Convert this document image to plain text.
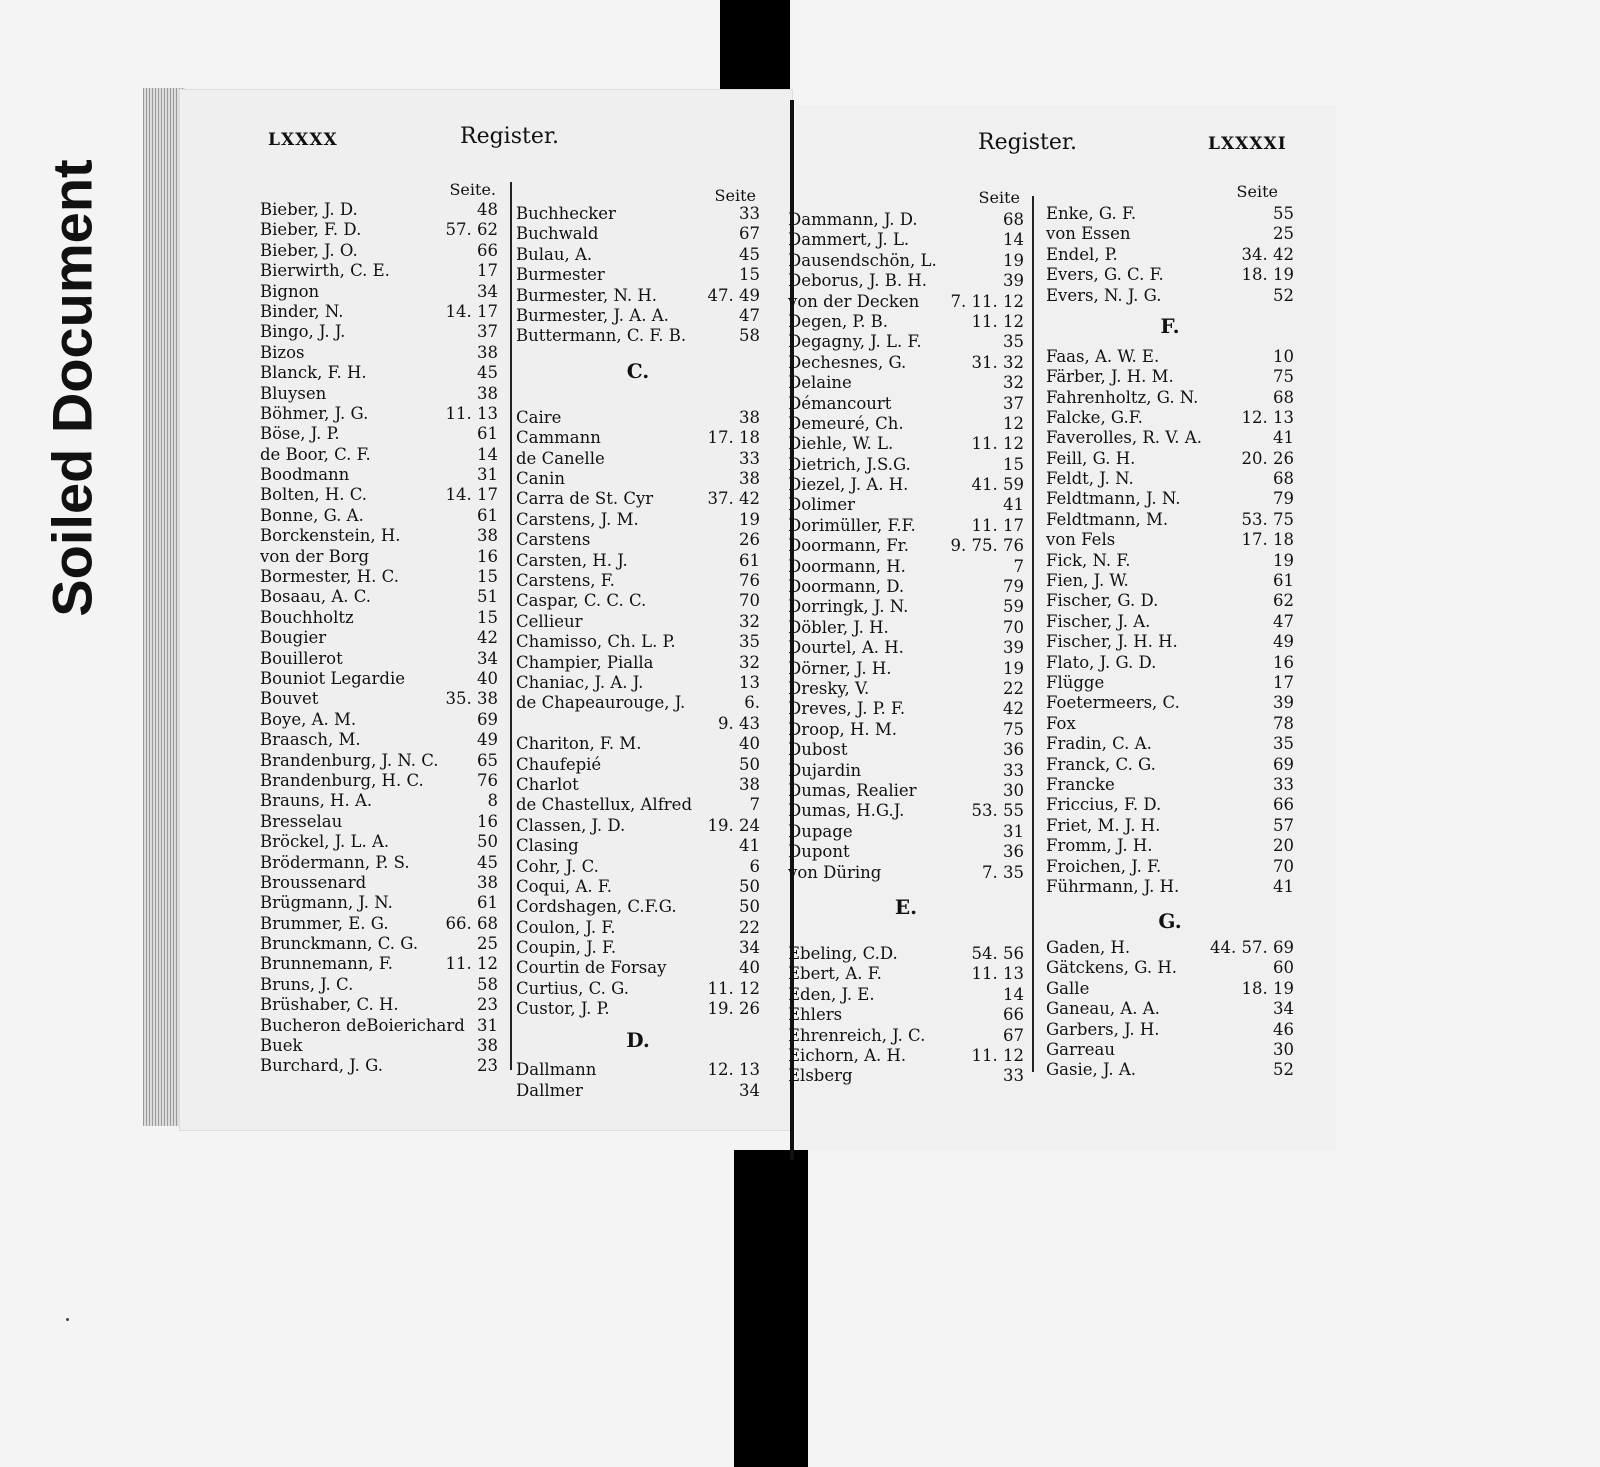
Soiled Document
LXXXX	Register.
Seite.	Seite
Bieber, J. D.	48
Bieber, F. D.	57. 62
Bieber, J. O.	66
Bierwirth, C. E.	17
Bignon	34
Binder, N.	14. 17
Bingo, J. J.	37
Bizos	38
Blanck, F. H.	45
Bluysen	38
Böhmer, J. G.	11. 13
Böse, J. P.	61
de Boor, C. F.	14
Boodmann	31
Bolten, H. C.	14. 17
Bonne, G. A.	61
Borckenstein, H.	38
von der Borg	16
Bormester, H. C.	15
Bosaau, A. C.	51
Bouchholtz	15
Bougier	42
Bouillerot	34
Bouniot Legardie	40
Bouvet	35. 38
Boye, A. M.	69
Braasch, M.	49
Brandenburg, J. N. C.	65
Brandenburg, H. C.	76
Brauns, H. A.	8
Bresselau	16
Bröckel, J. L. A.	50
Brödermann, P. S.	45
Broussenard	38
Brügmann, J. N.	61
Brummer, E. G.	66. 68
Brunckmann, C. G.	25
Brunnemann, F.	11. 12
Bruns, J. C.	58
Brüshaber, C. H.	23
Bucheron deBoierichard 31
Buek	38
Burchard, J. G.	23
Buchhecker	33
Buchwald	67
Bulau, A.	45
Burmester	15
Burmester, N. H.	47. 49
Burmester, J. A. A.	47
Buttermann, C. F. B.	58
C.
Caire	38
Cammann	17. 18
de Canelle	33
Canin	38
Carra de St. Cyr	37. 42
Carstens, J. M.	19
Carstens	26
Carsten, H. J.	61
Carstens, F.	76
Caspar, C. C. C.	70
Cellieur	32
Chamisso, Ch. L. P.	35
Champier, Pialla	32
Chaniac, J. A. J.	13
de Chapeaurouge, J.	6.
9. 43
Chariton, F. M.	40
Chaufepié	50
Charlot	38
de Chastellux, Alfred	7
Classen, J. D.	19. 24
Clasing	41
Cohr, J. C.	6
Coqui, A. F.	50
Cordshagen, C.F.G.	50
Coulon, J. F.	22
Coupin, J. F.	34
Courtin de Forsay	40
Curtius, C. G.	11. 12
Custor, J. P.	19. 26
D.
Dallmann	12. 13
Dallmer	34
Register.	LXXXXI
Seite	Seite
Dammann, J. D.	68
Dammert, J. L.	14
Dausendschön, L.	19
Deborus, J. B. H.	39
von der Decken	7. 11. 12
Degen, P. B.	11. 12
Degagny, J. L. F.	35
Dechesnes, G.	31. 32
Delaine	32
Démancourt	37
Demeuré, Ch.	12
Diehle, W. L.	11. 12
Dietrich, J.S.G.	15
Diezel, J. A. H.	41. 59
Dolimer	41
Dorimüller, F.F.	11. 17
Doormann, Fr.	9. 75. 76
Doormann, H.	7
Doormann, D.	79
Dorringk, J. N.	59
Döbler, J. H.	70
Dourtel, A. H.	39
Dörner, J. H.	19
Dresky, V.	22
Dreves, J. P. F.	42
Droop, H. M.	75
Dubost	36
Dujardin	33
Dumas, Realier	30
Dumas, H.G.J.	53. 55
Dupage	31
Dupont	36
von Düring	7. 35
E.
Ebeling, C.D.	54. 56
Ebert, A. F.	11. 13
Eden, J. E.	14
Ehlers	66
Ehrenreich, J. C.	67
Eichorn, A. H.	11. 12
Elsberg	33
Enke, G. F.	55
von Essen	25
Endel, P.	34. 42
Evers, G. C. F.	18. 19
Evers, N. J. G.	52
F.
Faas, A. W. E.	10
Färber, J. H. M.	75
Fahrenholtz, G. N.	68
Falcke, G.F.	12. 13
Faverolles, R. V. A.	41
Feill, G. H.	20. 26
Feldt, J. N.	68
Feldtmann, J. N.	79
Feldtmann, M.	53. 75
von Fels	17. 18
Fick, N. F.	19
Fien, J. W.	61
Fischer, G. D.	62
Fischer, J. A.	47
Fischer, J. H. H.	49
Flato, J. G. D.	16
Flügge	17
Foetermeers, C.	39
Fox	78
Fradin, C. A.	35
Franck, C. G.	69
Francke	33
Friccius, F. D.	66
Friet, M. J. H.	57
Fromm, J. H.	20
Froichen, J. F.	70
Führmann, J. H.	41
G.
Gaden, H.	44. 57. 69
Gätckens, G. H.	60
Galle	18. 19
Ganeau, A. A.	34
Garbers, J. H.	46
Garreau	30
Gasie, J. A.	52
